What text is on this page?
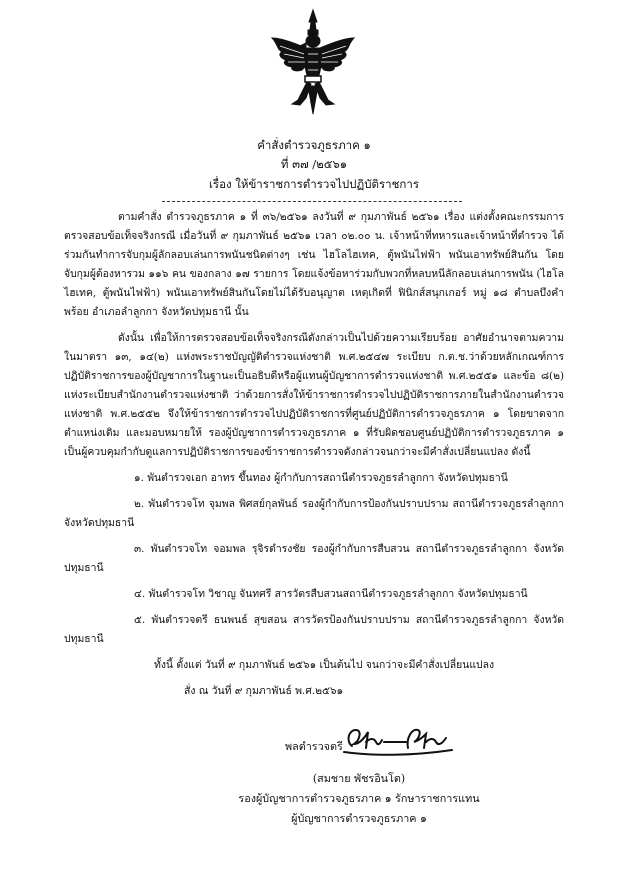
คำสั่งตำรวจภูธรภาค ๑
ที่ ๓๗ /๒๕๖๑
เรื่อง ให้ข้าราชการตำรวจไปปฏิบัติราชการ

ตามคำสั่ง ตำรวจภูธรภาค ๑ ที่ ๓๖/๒๕๖๑ ลงวันที่ ๙ กุมภาพันธ์ ๒๕๖๑ เรื่อง แต่งตั้งคณะกรรมการตรวจสอบข้อเท็จจริงกรณี เมื่อวันที่ ๙ กุมภาพันธ์ ๒๕๖๑ เวลา ๐๒.๐๐ น. เจ้าหน้าที่ทหารและเจ้าหน้าที่ตำรวจ ได้ร่วมกันทำการจับกุมผู้ลักลอบเล่นการพนันชนิดต่างๆ เช่น ไฮโลไฮเทค, ตู้พนันไฟฟ้า พนันเอาทรัพย์สินกัน โดยจับกุมผู้ต้องหารวม ๑๑๖ คน ของกลาง ๑๗ รายการ โดยแจ้งข้อหาร่วมกับพวกที่หลบหนีลักลอบเล่นการพนัน (ไฮโลไฮเทค, ตู้พนันไฟฟ้า) พนันเอาทรัพย์สินกันโดยไม่ได้รับอนุญาต เหตุเกิดที่ ฟินิกส์สนุกเกอร์ หมู่ ๑๘ ตำบลบึงคำพร้อย อำเภอลำลูกกา จังหวัดปทุมธานี นั้น

ดังนั้น เพื่อให้การตรวจสอบข้อเท็จจริงกรณีดังกล่าวเป็นไปด้วยความเรียบร้อย อาศัยอำนาจตามความในมาตรา ๑๓, ๑๔(๒) แห่งพระราชบัญญัติตำรวจแห่งชาติ พ.ศ.๒๕๔๗ ระเบียบ ก.ต.ช.ว่าด้วยหลักเกณฑ์การปฏิบัติราชการของผู้บัญชาการในฐานะเป็นอธิบดีหรือผู้แทนผู้บัญชาการตำรวจแห่งชาติ พ.ศ.๒๕๕๑ และข้อ ๘(๒) แห่งระเบียบสำนักงานตำรวจแห่งชาติ ว่าด้วยการสั่งให้ข้าราชการตำรวจไปปฏิบัติราชการภายในสำนักงานตำรวจแห่งชาติ พ.ศ.๒๕๕๒ จึงให้ข้าราชการตำรวจไปปฏิบัติราชการที่ศูนย์ปฏิบัติการตำรวจภูธรภาค ๑ โดยขาดจากตำแหน่งเดิม และมอบหมายให้ รองผู้บัญชาการตำรวจภูธรภาค ๑ ที่รับผิดชอบศูนย์ปฏิบัติการตำรวจภูธรภาค ๑ เป็นผู้ควบคุมกำกับดูแลการปฏิบัติราชการของข้าราชการตำรวจดังกล่าวจนกว่าจะมีคำสั่งเปลี่ยนแปลง ดังนี้

๑. พันตำรวจเอก อาทร ขึ้นทอง ผู้กำกับการสถานีตำรวจภูธรลำลูกกา จังหวัดปทุมธานี

๒. พันตำรวจโท จุมพล พิศสย์กุลพันธ์ รองผู้กำกับการป้องกันปราบปราม สถานีตำรวจภูธรลำลูกกา จังหวัดปทุมธานี

๓. พันตำรวจโท จอมพล รุจิรดำรงชัย รองผู้กำกับการสืบสวน สถานีตำรวจภูธรลำลูกกา จังหวัดปทุมธานี

๔. พันตำรวจโท วิชาญ จันทศรี สารวัตรสืบสวนสถานีตำรวจภูธรลำลูกกา จังหวัดปทุมธานี

๕. พันตำรวจตรี ธนพนธ์ สุขสอน สารวัตรป้องกันปราบปราม สถานีตำรวจภูธรลำลูกกา จังหวัดปทุมธานี

ทั้งนี้ ตั้งแต่ วันที่ ๙ กุมภาพันธ์ ๒๕๖๑ เป็นต้นไป จนกว่าจะมีคำสั่งเปลี่ยนแปลง

สั่ง ณ วันที่ ๙ กุมภาพันธ์ พ.ศ.๒๕๖๑

พลตำรวจตรี
(สมชาย พัชรอินโต)
รองผู้บัญชาการตำรวจภูธรภาค ๑ รักษาราชการแทน
ผู้บัญชาการตำรวจภูธรภาค ๑
